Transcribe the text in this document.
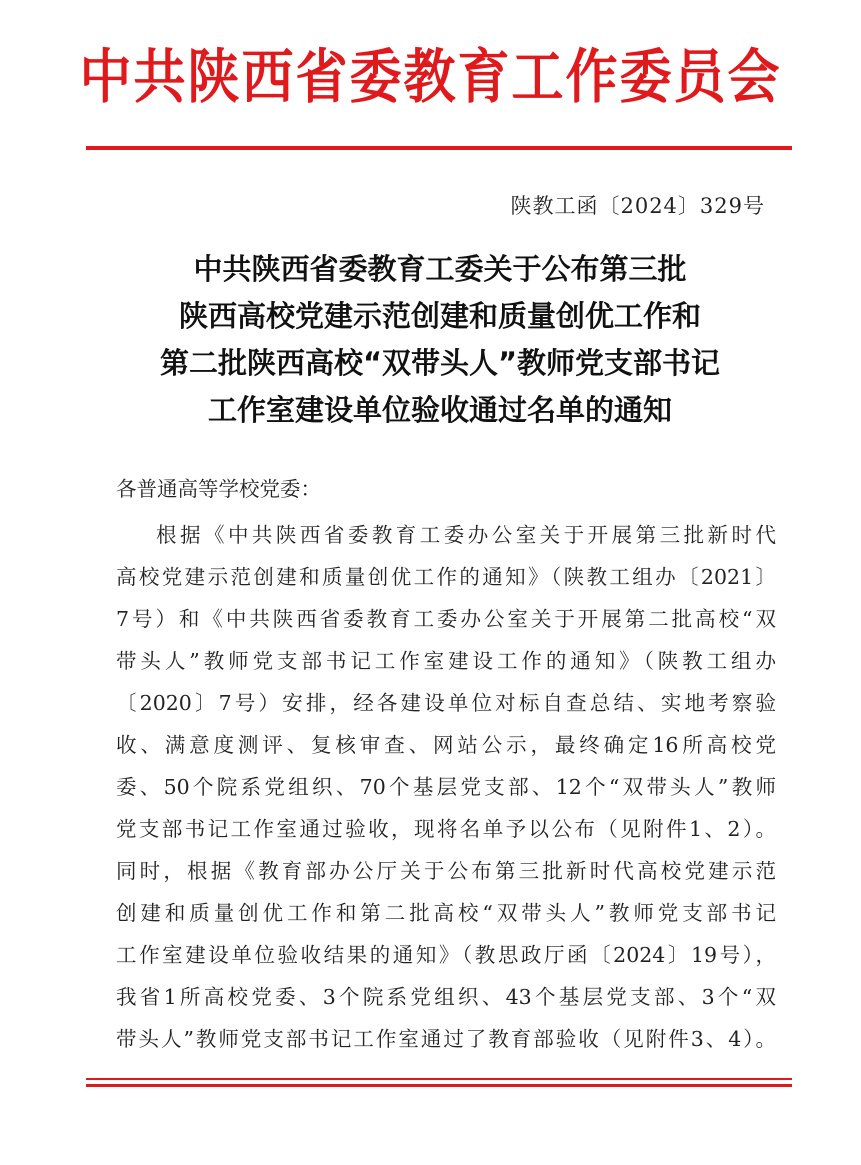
中共陕西省委教育工作委员会
陕教工函〔2024〕329号
中共陕西省委教育工委关于公布第三批
陕西高校党建示范创建和质量创优工作和
第二批陕西高校“双带头人”教师党支部书记
工作室建设单位验收通过名单的通知
各普通高等学校党委：
根据《中共陕西省委教育工委办公室关于开展第三批新时代
高校党建示范创建和质量创优工作的通知》（陕教工组办〔2021〕
7号）和《中共陕西省委教育工委办公室关于开展第二批高校“双
带头人”教师党支部书记工作室建设工作的通知》（陕教工组办
〔2020〕7号）安排，经各建设单位对标自查总结、实地考察验
收、满意度测评、复核审查、网站公示，最终确定16所高校党
委、50个院系党组织、70个基层党支部、12个“双带头人”教师
党支部书记工作室通过验收，现将名单予以公布（见附件1、2）。
同时，根据《教育部办公厅关于公布第三批新时代高校党建示范
创建和质量创优工作和第二批高校“双带头人”教师党支部书记
工作室建设单位验收结果的通知》（教思政厅函〔2024〕19号），
我省1所高校党委、3个院系党组织、43个基层党支部、3个“双
带头人”教师党支部书记工作室通过了教育部验收（见附件3、4）。
